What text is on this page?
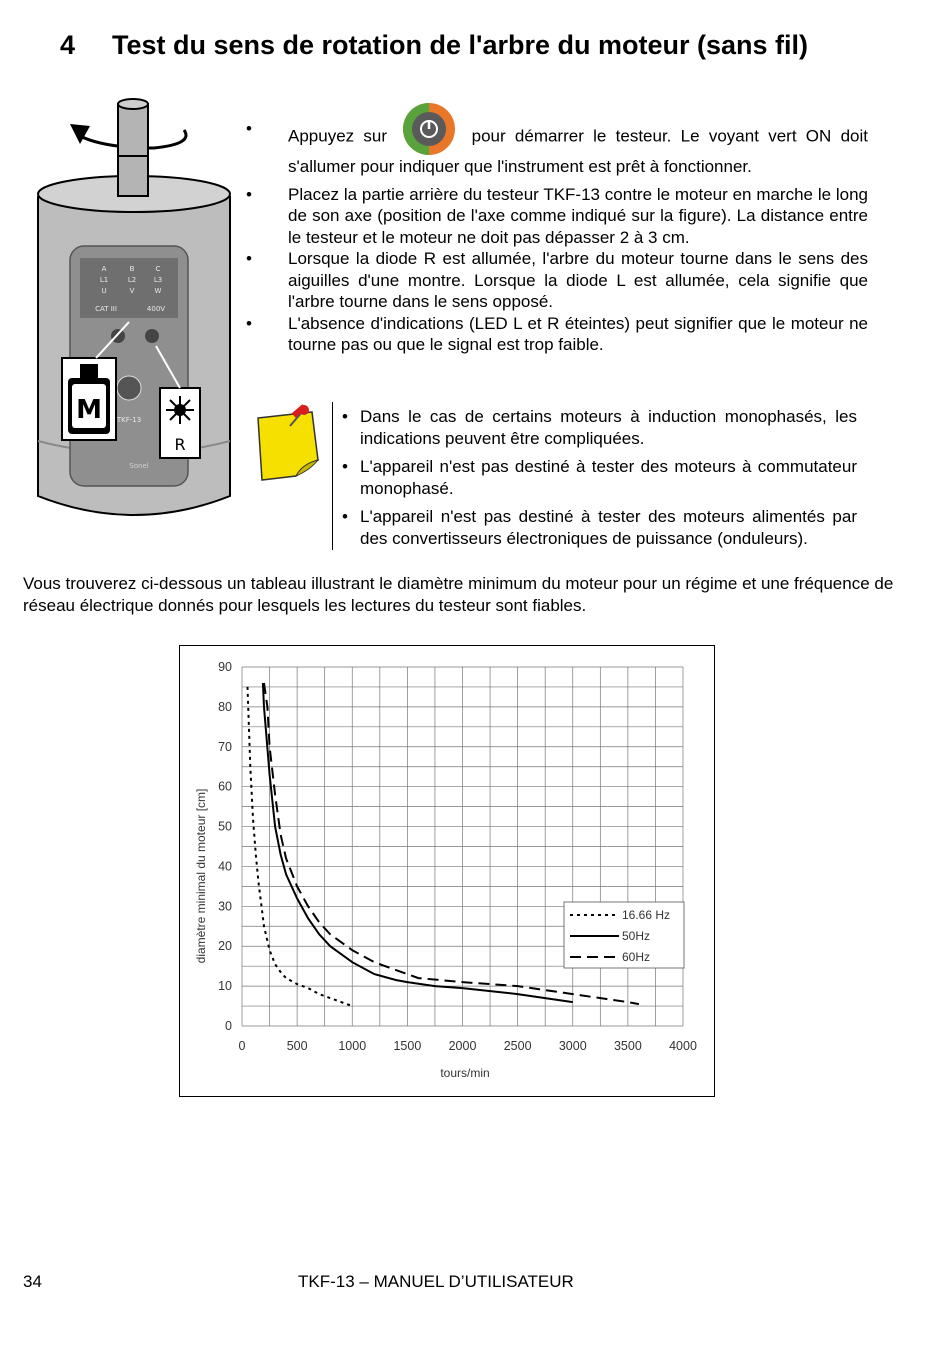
4 Test du sens de rotation de l'arbre du moteur (sans fil)
A
L1
U
B
L2
V
C
L3
W
CAT III	400V
TKF-13
Sonel
M
R
• Appuyez sur	pour démarrer le testeur. Le voyant vert ON doit s'allumer pour indiquer que l'instrument est prêt à fonctionner.
• Placez la partie arrière du testeur TKF-13 contre le moteur en marche le long de son axe (position de l'axe comme indiqué sur la figure). La distance entre le testeur et le moteur ne doit pas dépasser 2 à 3 cm.
• Lorsque la diode R est allumée, l'arbre du moteur tourne dans le sens des aiguilles d'une montre. Lorsque la diode L est allumée, cela signifie que l'arbre tourne dans le sens opposé.
• L'absence d'indications (LED L et R éteintes) peut signifier que le moteur ne tourne pas ou que le signal est trop faible.
• Dans le cas de certains moteurs à induction monophasés, les indications peuvent être compliquées.
• L'appareil n'est pas destiné à tester des moteurs à commutateur monophasé.
• L'appareil n'est pas destiné à tester des moteurs alimentés par des convertisseurs électroniques de puissance (onduleurs).
Vous trouverez ci-dessous un tableau illustrant le diamètre minimum du moteur pour un régime et une fréquence de réseau électrique donnés pour lesquels les lectures du testeur sont fiables.
0	500 1000 1500 2000 2500 3000 3500 4000
0
10
20
30
40
50
60
70
80
90
tours/min
diamètre minimal du moteur [cm]	16.66 Hz
50Hz
60Hz
34	TKF-13 – MANUEL D’UTILISATEUR
